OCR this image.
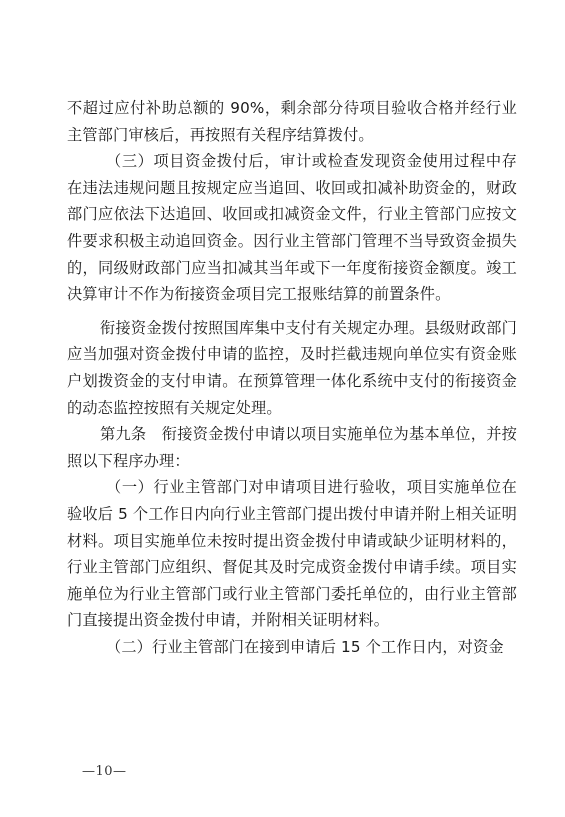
不超过应付补助总额的 90%，剩余部分待项目验收合格并经行业主管部门审核后，再按照有关程序结算拨付。

（三）项目资金拨付后，审计或检查发现资金使用过程中存在违法违规问题且按规定应当追回、收回或扣减补助资金的，财政部门应依法下达追回、收回或扣减资金文件，行业主管部门应按文件要求积极主动追回资金。因行业主管部门管理不当导致资金损失的，同级财政部门应当扣减其当年或下一年度衔接资金额度。竣工决算审计不作为衔接资金项目完工报账结算的前置条件。

衔接资金拨付按照国库集中支付有关规定办理。县级财政部门应当加强对资金拨付申请的监控，及时拦截违规向单位实有资金账户划拨资金的支付申请。在预算管理一体化系统中支付的衔接资金的动态监控按照有关规定处理。

第九条　衔接资金拨付申请以项目实施单位为基本单位，并按照以下程序办理：

（一）行业主管部门对申请项目进行验收，项目实施单位在验收后 5 个工作日内向行业主管部门提出拨付申请并附上相关证明材料。项目实施单位未按时提出资金拨付申请或缺少证明材料的，行业主管部门应组织、督促其及时完成资金拨付申请手续。项目实施单位为行业主管部门或行业主管部门委托单位的，由行业主管部门直接提出资金拨付申请，并附相关证明材料。

（二）行业主管部门在接到申请后 15 个工作日内，对资金

—10—
